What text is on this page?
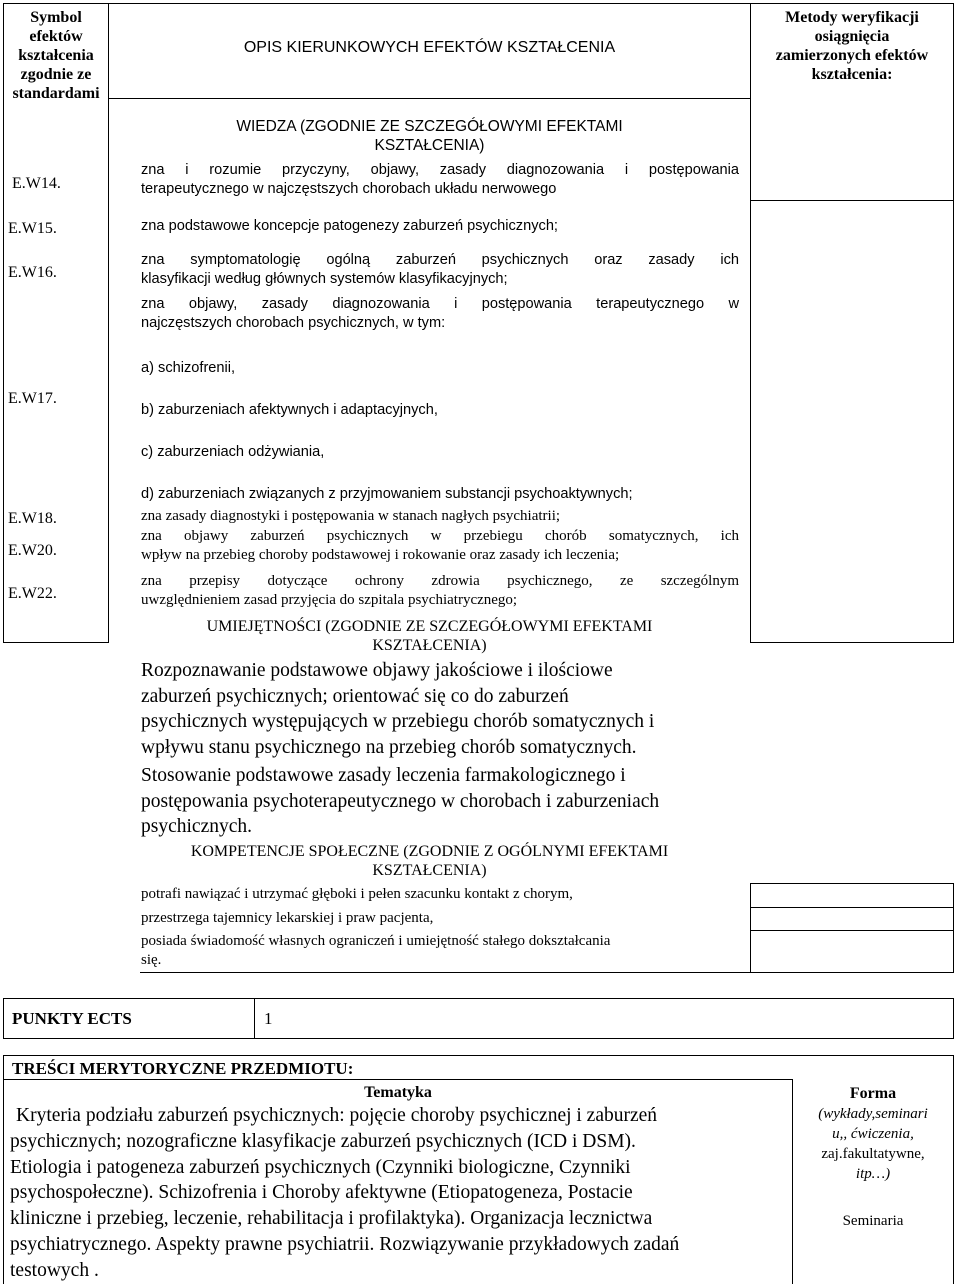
Symbol
efektów
kształcenia
zgodnie ze
standardami
OPIS KIERUNKOWYCH EFEKTÓW KSZTAŁCENIA
Metody weryfikacji
osiągnięcia
zamierzonych efektów
kształcenia:
WIEDZA (ZGODNIE ZE SZCZEGÓŁOWYMI EFEKTAMI
KSZTAŁCENIA)
E.W14.
E.W15.
E.W16.
E.W17.
E.W18.
E.W20.
E.W22.
zna i rozumie przyczyny, objawy, zasady diagnozowania i postępowania
terapeutycznego w najczęstszych chorobach układu nerwowego
zna podstawowe koncepcje patogenezy zaburzeń psychicznych;
zna symptomatologię ogólną zaburzeń psychicznych oraz zasady ich
klasyfikacji według głównych systemów klasyfikacyjnych;
zna objawy, zasady diagnozowania i postępowania terapeutycznego w
najczęstszych chorobach psychicznych, w tym:
a) schizofrenii,
b) zaburzeniach afektywnych i adaptacyjnych,
c) zaburzeniach odżywiania,
d) zaburzeniach związanych z przyjmowaniem substancji psychoaktywnych;
zna zasady diagnostyki i postępowania w stanach nagłych psychiatrii;
zna objawy zaburzeń psychicznych w przebiegu chorób somatycznych, ich
wpływ na przebieg choroby podstawowej i rokowanie oraz zasady ich leczenia;
zna przepisy dotyczące ochrony zdrowia psychicznego, ze szczególnym
uwzględnieniem zasad przyjęcia do szpitala psychiatrycznego;
UMIEJĘTNOŚCI (ZGODNIE ZE SZCZEGÓŁOWYMI EFEKTAMI
KSZTAŁCENIA)
Rozpoznawanie podstawowe objawy jakościowe i ilościowe
zaburzeń psychicznych; orientować się co do zaburzeń
psychicznych występujących w przebiegu chorób somatycznych i
wpływu stanu psychicznego na przebieg chorób somatycznych.
Stosowanie podstawowe zasady leczenia farmakologicznego i
postępowania psychoterapeutycznego w chorobach i zaburzeniach
psychicznych.
KOMPETENCJE SPOŁECZNE (ZGODNIE Z OGÓLNYMI EFEKTAMI
KSZTAŁCENIA)
potrafi nawiązać i utrzymać głęboki i pełen szacunku kontakt z chorym,
przestrzega tajemnicy lekarskiej i praw pacjenta,
posiada świadomość własnych ograniczeń i umiejętność stałego dokształcania
się.
PUNKTY ECTS	1
TREŚCI MERYTORYCZNE PRZEDMIOTU:
Tematyka
Kryteria podziału zaburzeń psychicznych: pojęcie choroby psychicznej i zaburzeń
psychicznych; nozograficzne klasyfikacje zaburzeń psychicznych (ICD i DSM).
Etiologia i patogeneza zaburzeń psychicznych (Czynniki biologiczne, Czynniki
psychospołeczne). Schizofrenia i Choroby afektywne (Etiopatogeneza, Postacie
kliniczne i przebieg, leczenie, rehabilitacja i profilaktyka). Organizacja lecznictwa
psychiatrycznego. Aspekty prawne psychiatrii. Rozwiązywanie przykładowych zadań
testowych .
Forma
(wykłady,seminari
u,, ćwiczenia,
zaj.fakultatywne,
itp…)
Seminaria
